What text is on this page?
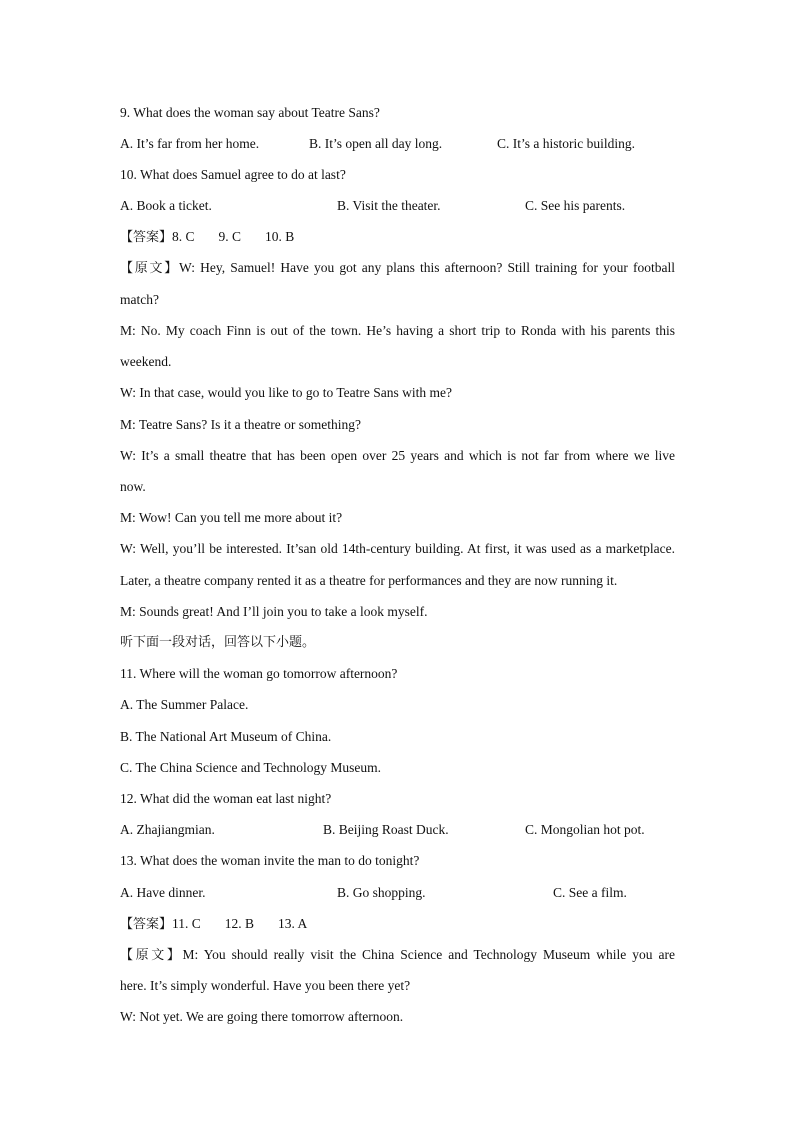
9. What does the woman say about Teatre Sans?
A. It’s far from her home.	B. It’s open all day long.	C. It’s a historic building.
10. What does Samuel agree to do at last?
A. Book a ticket.	B. Visit the theater.	C. See his parents.
【答案】8. C 9. C 10. B
【原文】W: Hey, Samuel! Have you got any plans this afternoon? Still training for your football
match?
M: No. My coach Finn is out of the town. He’s having a short trip to Ronda with his parents this
weekend.
W: In that case, would you like to go to Teatre Sans with me?
M: Teatre Sans? Is it a theatre or something?
W: It’s a small theatre that has been open over 25 years and which is not far from where we live
now.
M: Wow! Can you tell me more about it?
W: Well, you’ll be interested. It’san old 14th-century building. At first, it was used as a marketplace.
Later, a theatre company rented it as a theatre for performances and they are now running it.
M: Sounds great! And I’ll join you to take a look myself.
听下面一段对话，回答以下小题。
11. Where will the woman go tomorrow afternoon?
A. The Summer Palace.
B. The National Art Museum of China.
C. The China Science and Technology Museum.
12. What did the woman eat last night?
A. Zhajiangmian.	B. Beijing Roast Duck.	C. Mongolian hot pot.
13. What does the woman invite the man to do tonight?
A. Have dinner.	B. Go shopping.	C. See a film.
【答案】11. C 12. B 13. A
【原文】M: You should really visit the China Science and Technology Museum while you are
here. It’s simply wonderful. Have you been there yet?
W: Not yet. We are going there tomorrow afternoon.
